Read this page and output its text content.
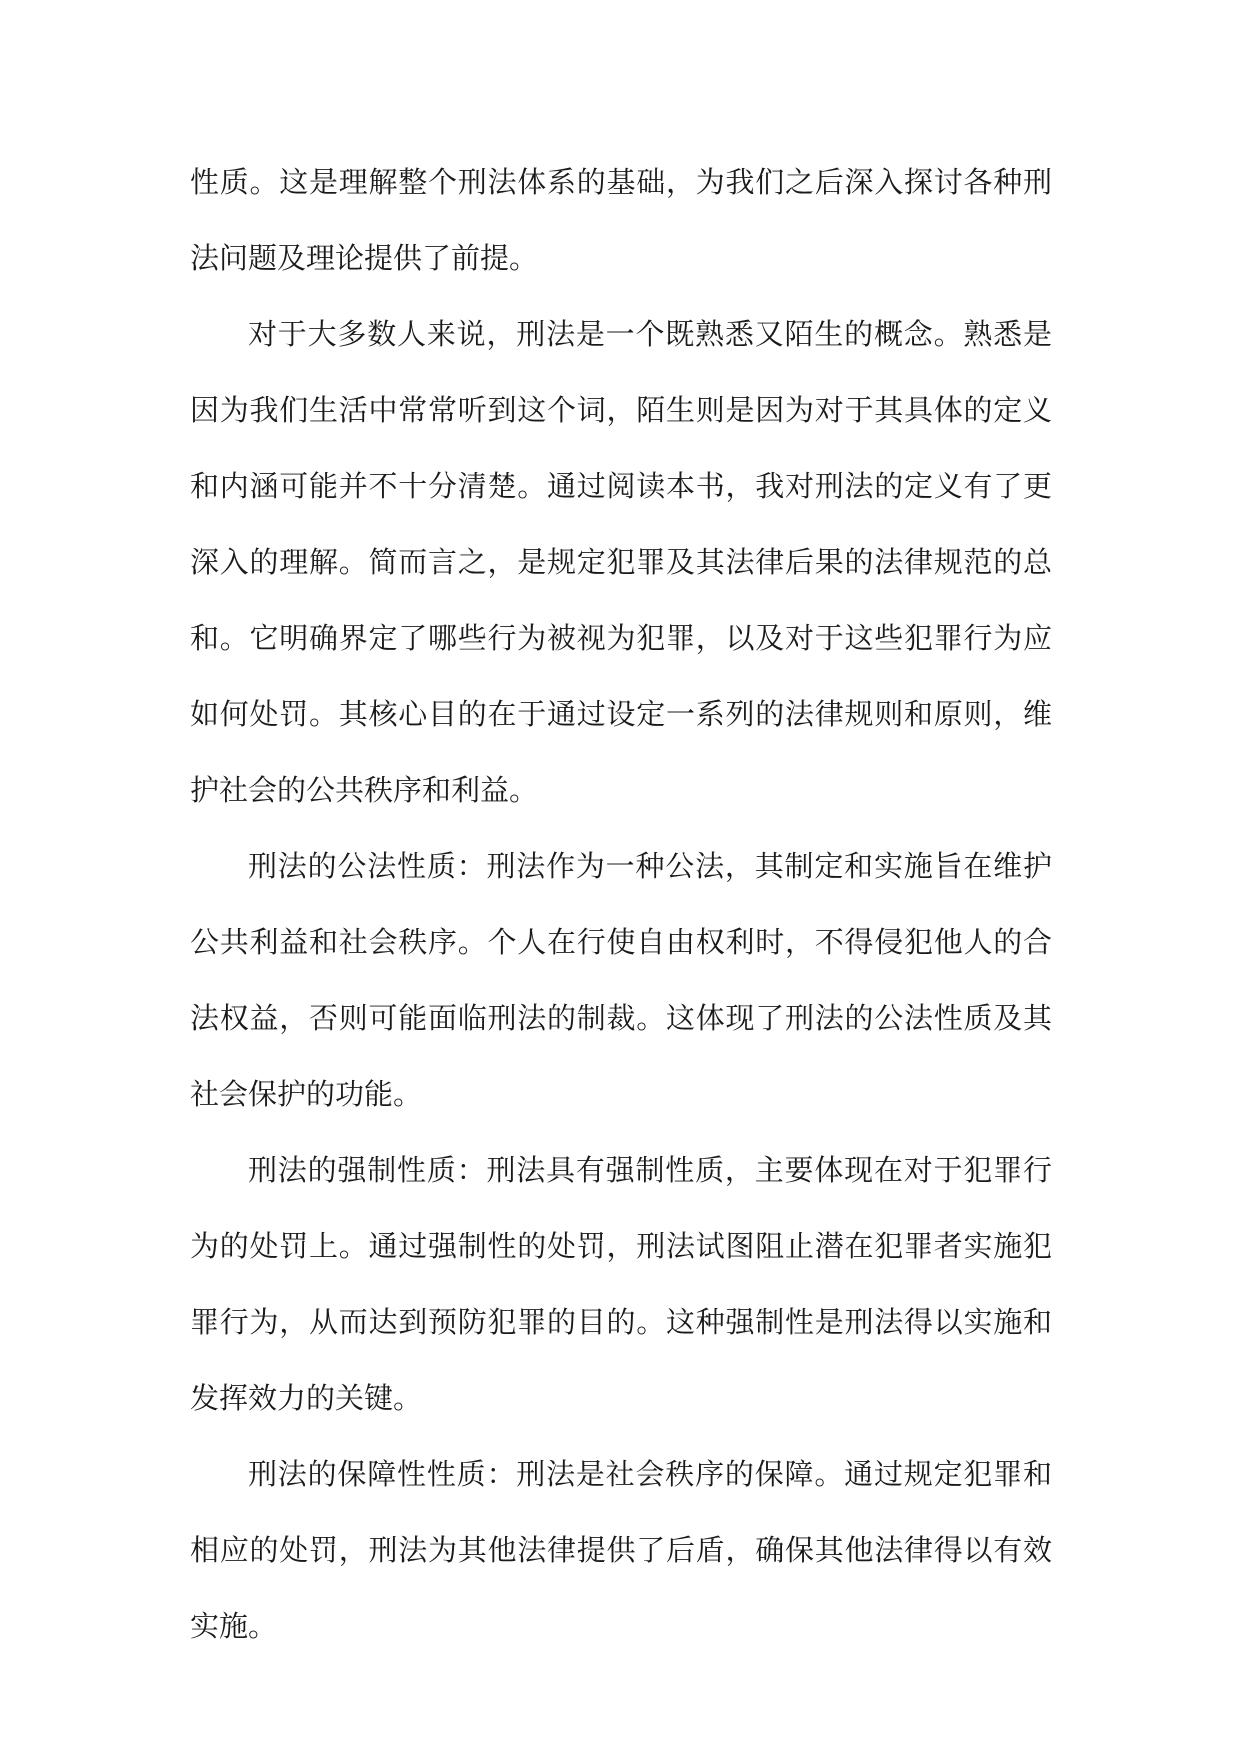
性质。这是理解整个刑法体系的基础，为我们之后深入探讨各种刑法问题及理论提供了前提。

对于大多数人来说，刑法是一个既熟悉又陌生的概念。熟悉是因为我们生活中常常听到这个词，陌生则是因为对于其具体的定义和内涵可能并不十分清楚。通过阅读本书，我对刑法的定义有了更深入的理解。简而言之，是规定犯罪及其法律后果的法律规范的总和。它明确界定了哪些行为被视为犯罪，以及对于这些犯罪行为应如何处罚。其核心目的在于通过设定一系列的法律规则和原则，维护社会的公共秩序和利益。

刑法的公法性质：刑法作为一种公法，其制定和实施旨在维护公共利益和社会秩序。个人在行使自由权利时，不得侵犯他人的合法权益，否则可能面临刑法的制裁。这体现了刑法的公法性质及其社会保护的功能。

刑法的强制性质：刑法具有强制性质，主要体现在对于犯罪行为的处罚上。通过强制性的处罚，刑法试图阻止潜在犯罪者实施犯罪行为，从而达到预防犯罪的目的。这种强制性是刑法得以实施和发挥效力的关键。

刑法的保障性性质：刑法是社会秩序的保障。通过规定犯罪和相应的处罚，刑法为其他法律提供了后盾，确保其他法律得以有效实施。
